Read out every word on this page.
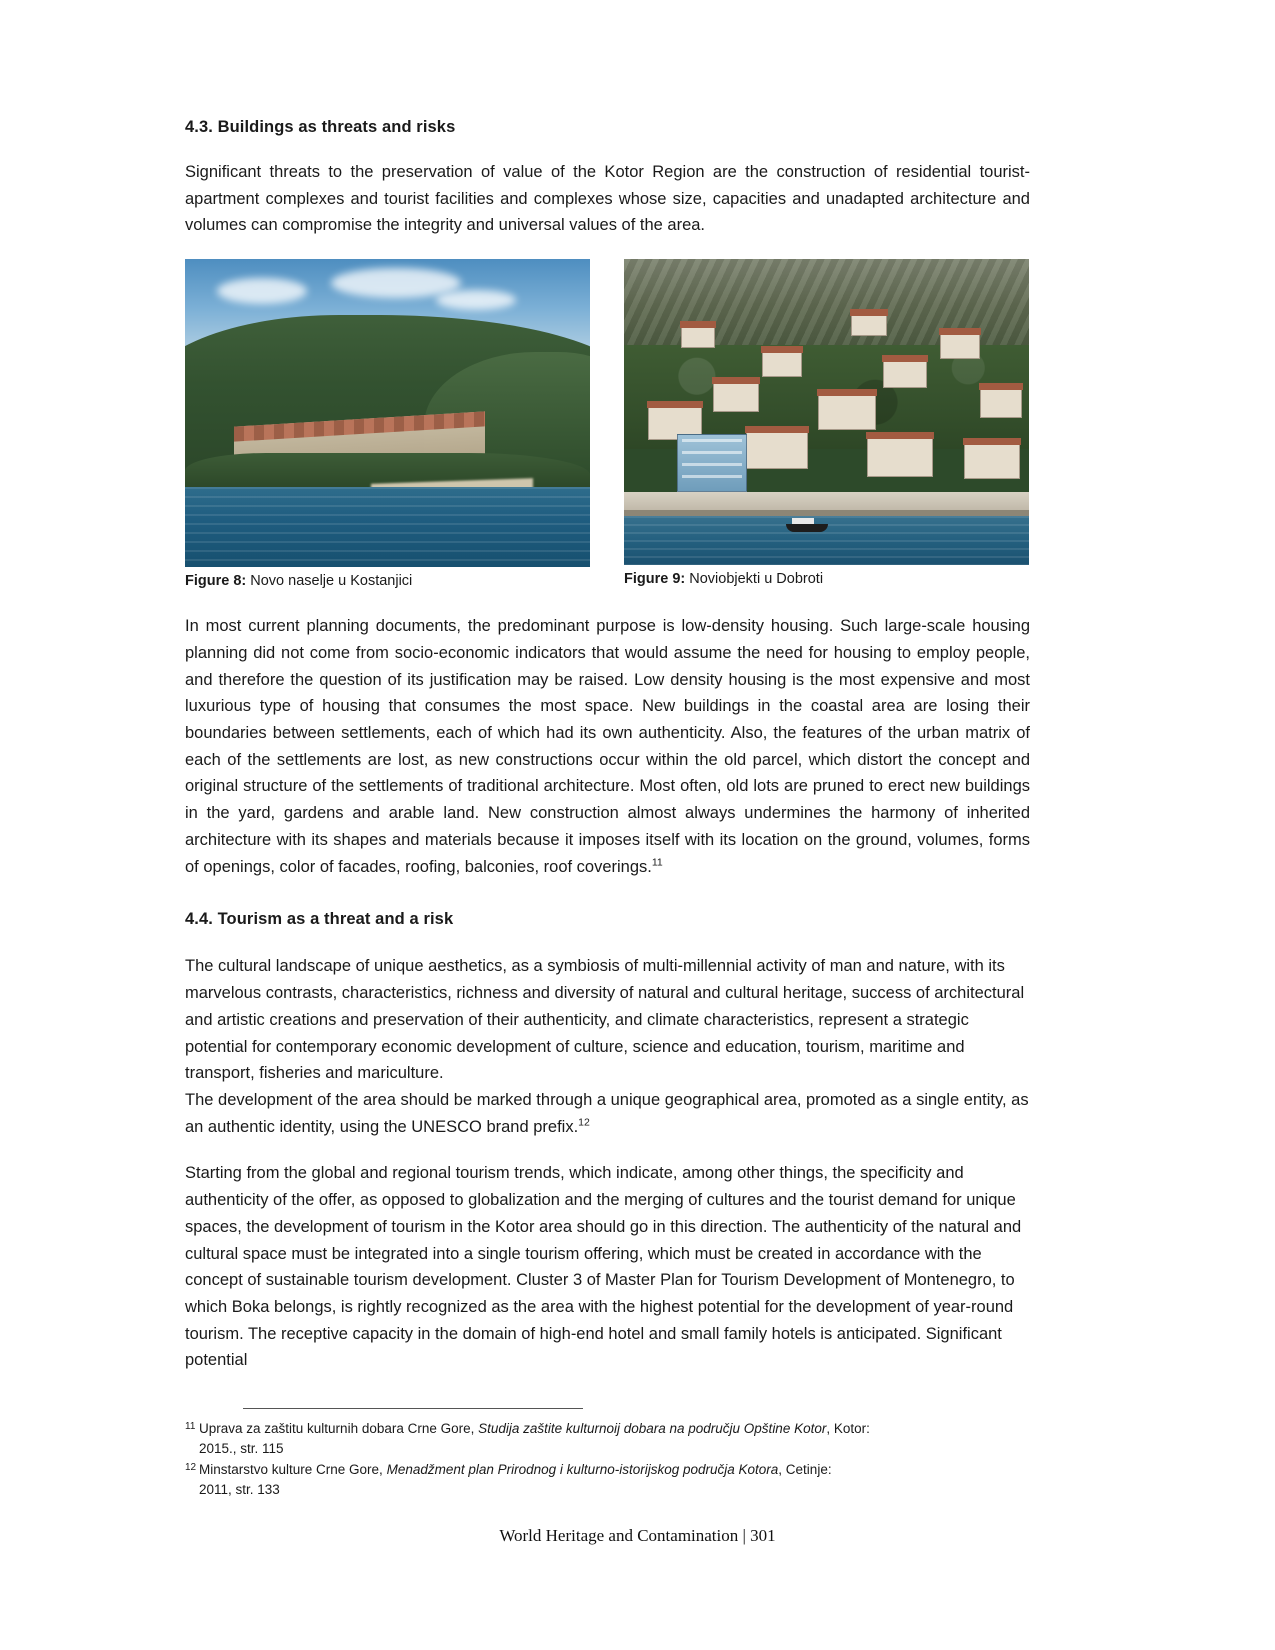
4.3. Buildings as threats and risks

Significant threats to the preservation of value of the Kotor Region are the construction of residential tourist-apartment complexes and tourist facilities and complexes whose size, capacities and unadapted architecture and volumes can compromise the integrity and universal values of the area.

Figure 8: Novo naselje u Kostanjici	Figure 9: Noviobjekti u Dobroti

In most current planning documents, the predominant purpose is low-density housing. Such large-scale housing planning did not come from socio-economic indicators that would assume the need for housing to employ people, and therefore the question of its justification may be raised. Low density housing is the most expensive and most luxurious type of housing that consumes the most space. New buildings in the coastal area are losing their boundaries between settlements, each of which had its own authenticity. Also, the features of the urban matrix of each of the settlements are lost, as new constructions occur within the old parcel, which distort the concept and original structure of the settlements of traditional architecture. Most often, old lots are pruned to erect new buildings in the yard, gardens and arable land. New construction almost always undermines the harmony of inherited architecture with its shapes and materials because it imposes itself with its location on the ground, volumes, forms of openings, color of facades, roofing, balconies, roof coverings.$^{11}$

4.4. Tourism as a threat and a risk

The cultural landscape of unique aesthetics, as a symbiosis of multi-millennial activity of man and nature, with its marvelous contrasts, characteristics, richness and diversity of natural and cultural heritage, success of architectural and artistic creations and preservation of their authenticity, and climate characteristics, represent a strategic potential for contemporary economic development of culture, science and education, tourism, maritime and transport, fisheries and mariculture.

The development of the area should be marked through a unique geographical area, promoted as a single entity, as an authentic identity, using the UNESCO brand prefix.$^{12}$

Starting from the global and regional tourism trends, which indicate, among other things, the specificity and authenticity of the offer, as opposed to globalization and the merging of cultures and the tourist demand for unique spaces, the development of tourism in the Kotor area should go in this direction. The authenticity of the natural and cultural space must be integrated into a single tourism offering, which must be created in accordance with the concept of sustainable tourism development. Cluster 3 of Master Plan for Tourism Development of Montenegro, to which Boka belongs, is rightly recognized as the area with the highest potential for the development of year-round tourism. The receptive capacity in the domain of high-end hotel and small family hotels is anticipated. Significant potential

11 Uprava za zaštitu kulturnih dobara Crne Gore, Studija zaštite kulturnoij dobara na području Opštine Kotor, Kotor:
2015., str. 115
12 Minstarstvo kulture Crne Gore, Menadžment plan Prirodnog i kulturno-istorijskog područja Kotora, Cetinje:
2011, str. 133
World Heritage and Contamination | 301
